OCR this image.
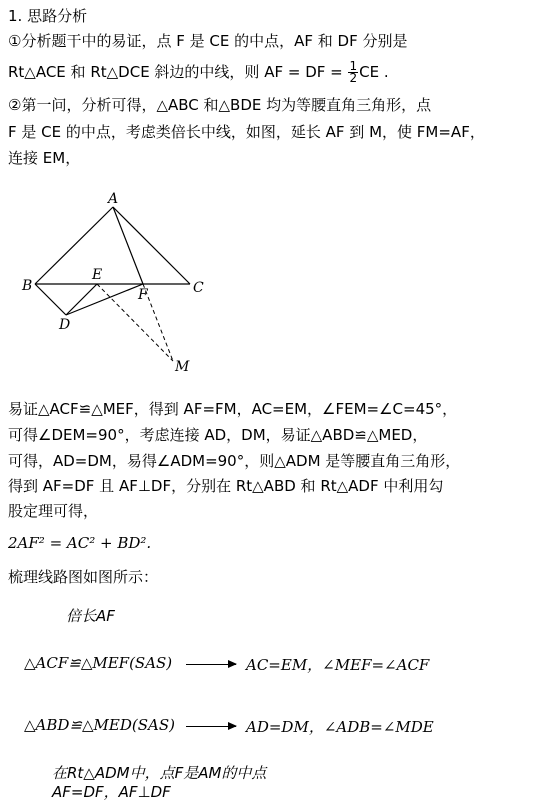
1. 思路分析
①分析题干中的易证，点 F 是 CE 的中点，AF 和 DF 分别是
Rt△ACE 和 Rt△DCE 斜边的中线，则 AF = DF = $\frac{1}{2}$ CE .
②第一问，分析可得，△ABC 和△BDE 均为等腰直角三角形，点
F 是 CE 的中点，考虑类倍长中线，如图，延长 AF 到 M，使 FM=AF，
连接 EM，
A
B	C
D
E
F
M
易证△ACF≌△MEF，得到 AF=FM，AC=EM，∠FEM=∠C=45°，
可得∠DEM=90°，考虑连接 AD，DM，易证△ABD≌△MED，
可得，AD=DM，易得∠ADM=90°，则△ADM 是等腰直角三角形，
得到 AF=DF 且 AF⊥DF，分别在 Rt△ABD 和 Rt△ADF 中利用勾
股定理可得，
2AF² = AC² + BD².
梳理线路图如图所示：
倍长AF
△ACF≌△MEF(SAS)	AC=EM，∠MEF=∠ACF
△ABD≌△MED(SAS)	AD=DM，∠ADB=∠MDE
在Rt△ADM中，点F是AM的中点
AF=DF，AF⊥DF
